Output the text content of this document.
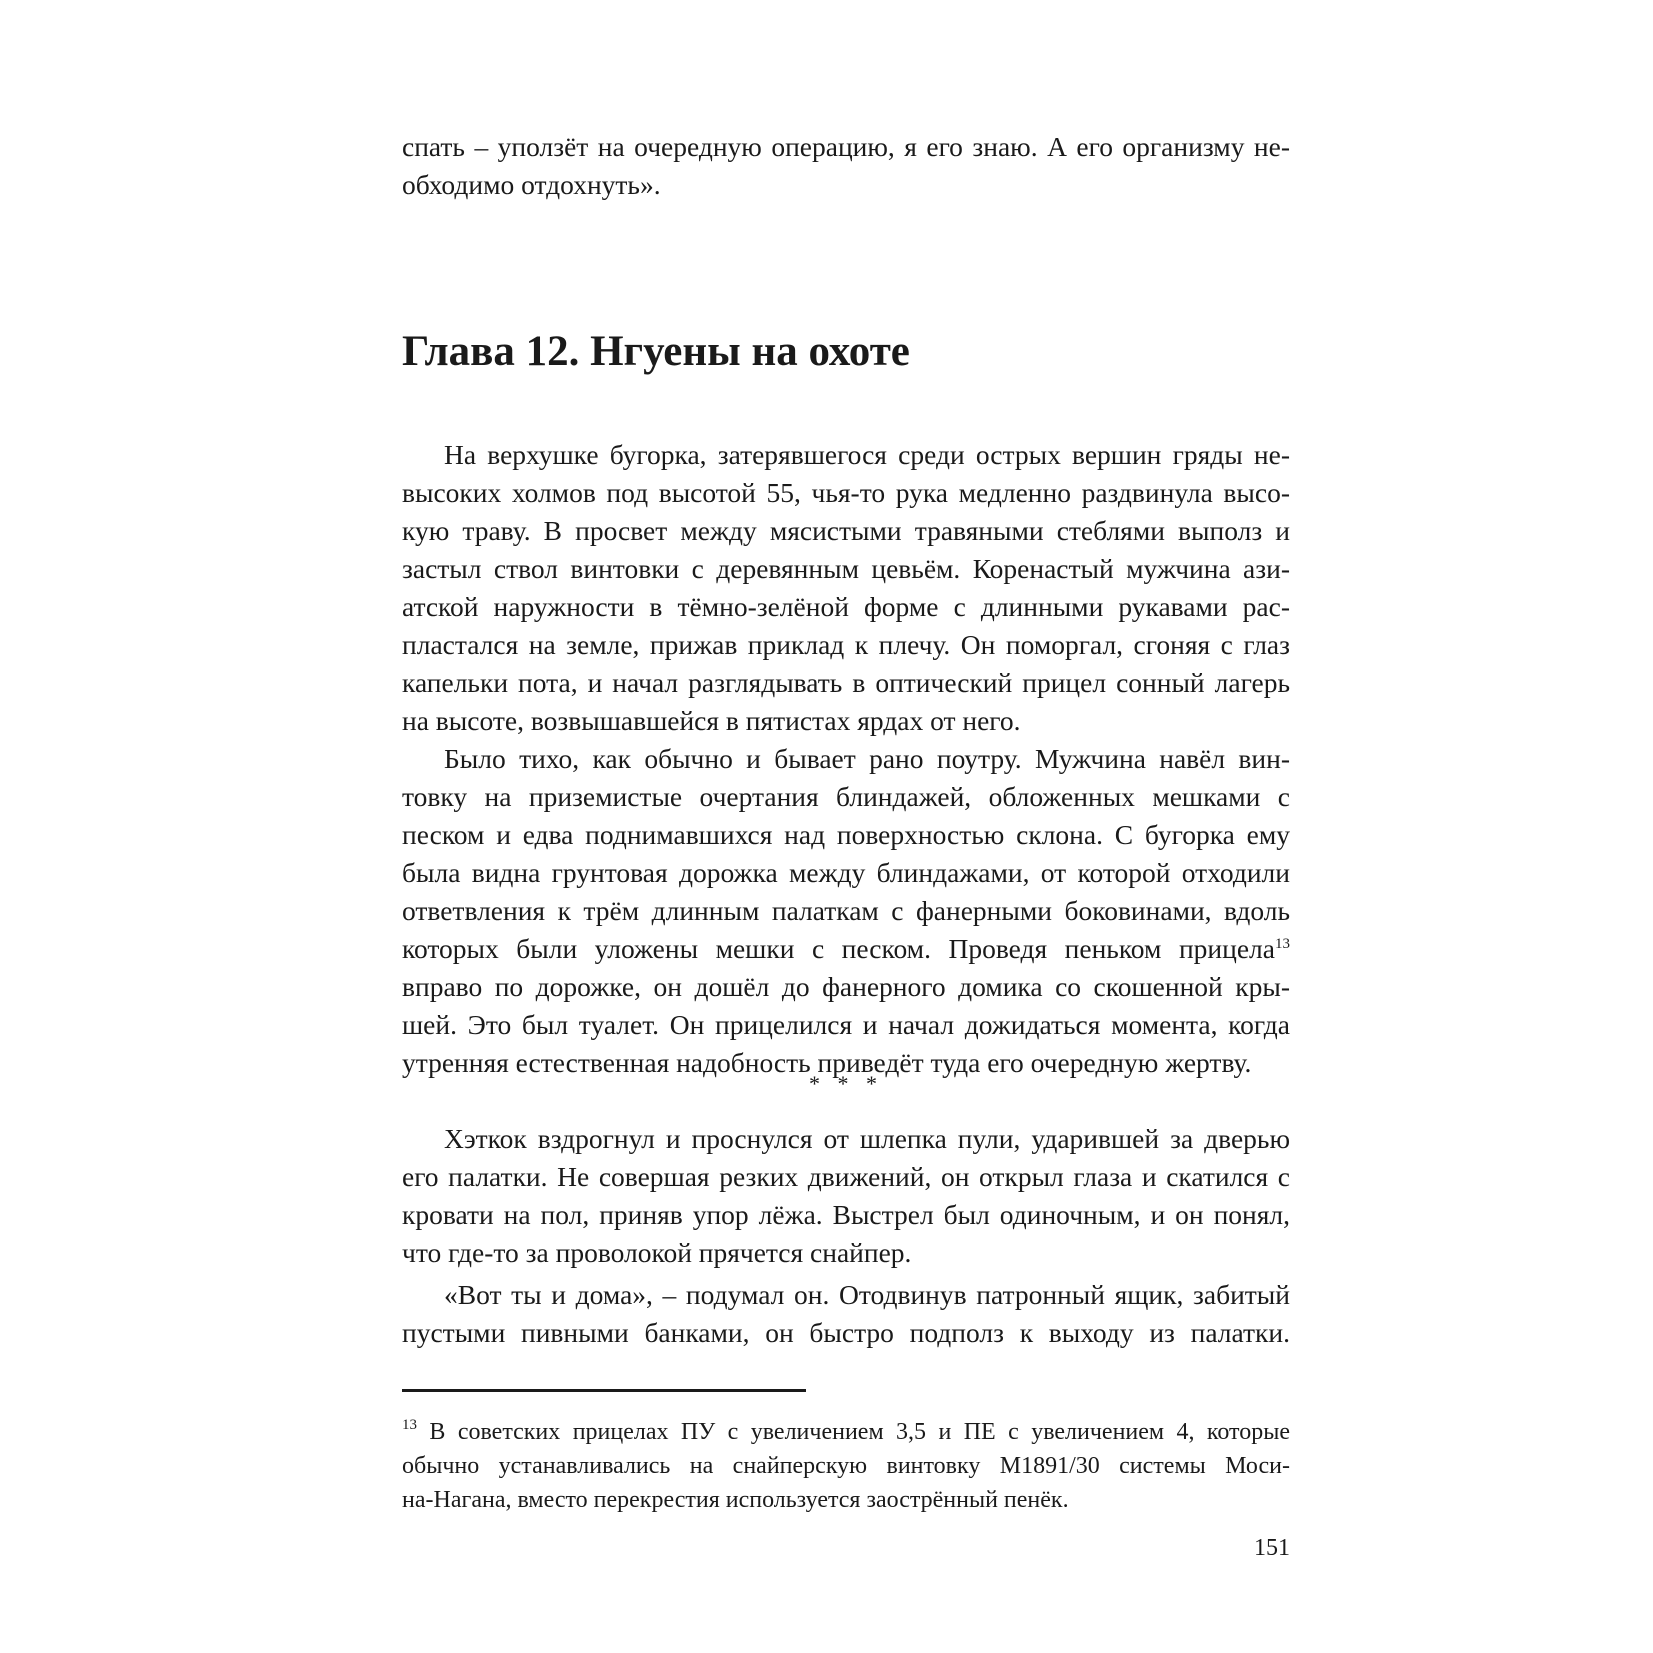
спать – уползёт на очередную операцию, я его знаю. А его организму не-
обходимо отдохнуть».
Глава 12. Нгуены на охоте
На верхушке бугорка, затерявшегося среди острых вершин гряды не-
высоких холмов под высотой 55, чья-то рука медленно раздвинула высо-
кую траву. В просвет между мясистыми травяными стеблями выполз и
застыл ствол винтовки с деревянным цевьём. Коренастый мужчина ази-
атской наружности в тёмно-зелёной форме с длинными рукавами рас-
пластался на земле, прижав приклад к плечу. Он поморгал, сгоняя с глаз
капельки пота, и начал разглядывать в оптический прицел сонный лагерь
на высоте, возвышавшейся в пятистах ярдах от него.
Было тихо, как обычно и бывает рано поутру. Мужчина навёл вин-
товку на приземистые очертания блиндажей, обложенных мешками с
песком и едва поднимавшихся над поверхностью склона. С бугорка ему
была видна грунтовая дорожка между блиндажами, от которой отходили
ответвления к трём длинным палаткам с фанерными боковинами, вдоль
которых были уложены мешки с песком. Проведя пеньком прицела$^{13}$
вправо по дорожке, он дошёл до фанерного домика со скошенной кры-
шей. Это был туалет. Он прицелился и начал дожидаться момента, когда
утренняя естественная надобность приведёт туда его очередную жертву.
* * *
Хэткок вздрогнул и проснулся от шлепка пули, ударившей за дверью
его палатки. Не совершая резких движений, он открыл глаза и скатился с
кровати на пол, приняв упор лёжа. Выстрел был одиночным, и он понял,
что где-то за проволокой прячется снайпер.
«Вот ты и дома», – подумал он. Отодвинув патронный ящик, забитый
пустыми пивными банками, он быстро подполз к выходу из палатки.
$^{13}$ В советских прицелах ПУ с увеличением 3,5 и ПЕ с увеличением 4, которые
обычно устанавливались на снайперскую винтовку М1891/30 системы Моси-
на-Нагана, вместо перекрестия используется заострённый пенёк.
151
